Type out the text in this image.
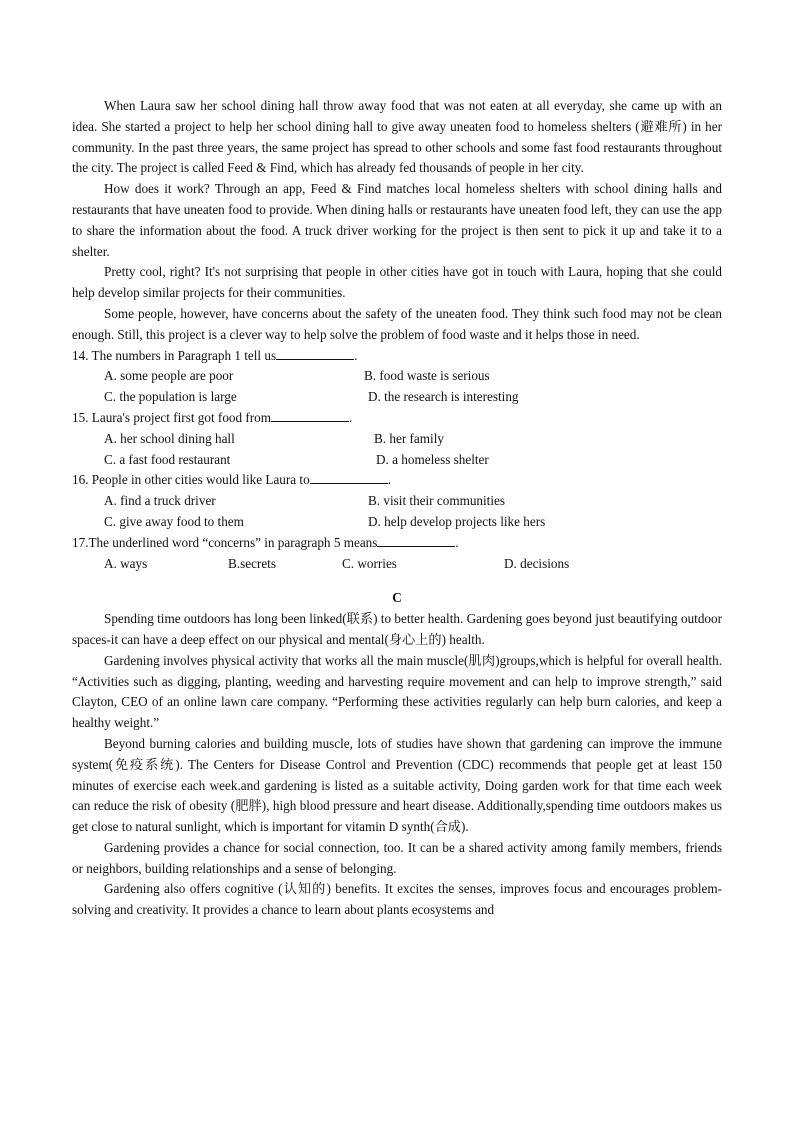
When Laura saw her school dining hall throw away food that was not eaten at all everyday, she came up with an idea. She started a project to help her school dining hall to give away uneaten food to homeless shelters (避难所) in her community. In the past three years, the same project has spread to other schools and some fast food restaurants throughout the city. The project is called Feed & Find, which has already fed thousands of people in her city.

How does it work? Through an app, Feed & Find matches local homeless shelters with school dining halls and restaurants that have uneaten food to provide. When dining halls or restaurants have uneaten food left, they can use the app to share the information about the food. A truck driver working for the project is then sent to pick it up and take it to a shelter.

Pretty cool, right? It's not surprising that people in other cities have got in touch with Laura, hoping that she could help develop similar projects for their communities.

Some people, however, have concerns about the safety of the uneaten food. They think such food may not be clean enough. Still, this project is a clever way to help solve the problem of food waste and it helps those in need.

14. The numbers in Paragraph 1 tell us	.

A. some people are poor	B. food waste is serious
C. the population is large	D. the research is interesting

15. Laura's project first got food from	.

A. her school dining hall	B. her family
C. a fast food restaurant	D. a homeless shelter

16. People in other cities would like Laura to	.

A. find a truck driver	B. visit their communities
C. give away food to them	D. help develop projects like hers

17.The underlined word “concerns” in paragraph 5 means	.

A. ways	B.secrets	C. worries	D. decisions

C

Spending time outdoors has long been linked(联系) to better health. Gardening goes beyond just beautifying outdoor spaces-it can have a deep effect on our physical and mental(身心上的) health.

Gardening involves physical activity that works all the main muscle(肌肉)groups,which is helpful for overall health. “Activities such as digging, planting, weeding and harvesting require movement and can help to improve strength,” said Clayton, CEO of an online lawn care company. “Performing these activities regularly can help burn calories, and keep a healthy weight.”

Beyond burning calories and building muscle, lots of studies have shown that gardening can improve the immune system(免疫系统). The Centers for Disease Control and Prevention (CDC) recommends that people get at least 150 minutes of exercise each week.and gardening is listed as a suitable activity, Doing garden work for that time each week can reduce the risk of obesity (肥胖), high blood pressure and heart disease. Additionally,spending time outdoors makes us get close to natural sunlight, which is important for vitamin D synth(合成).

Gardening provides a chance for social connection, too. It can be a shared activity among family members, friends or neighbors, building relationships and a sense of belonging.

Gardening also offers cognitive (认知的) benefits. It excites the senses, improves focus and encourages problem-solving and creativity. It provides a chance to learn about plants ecosystems and
